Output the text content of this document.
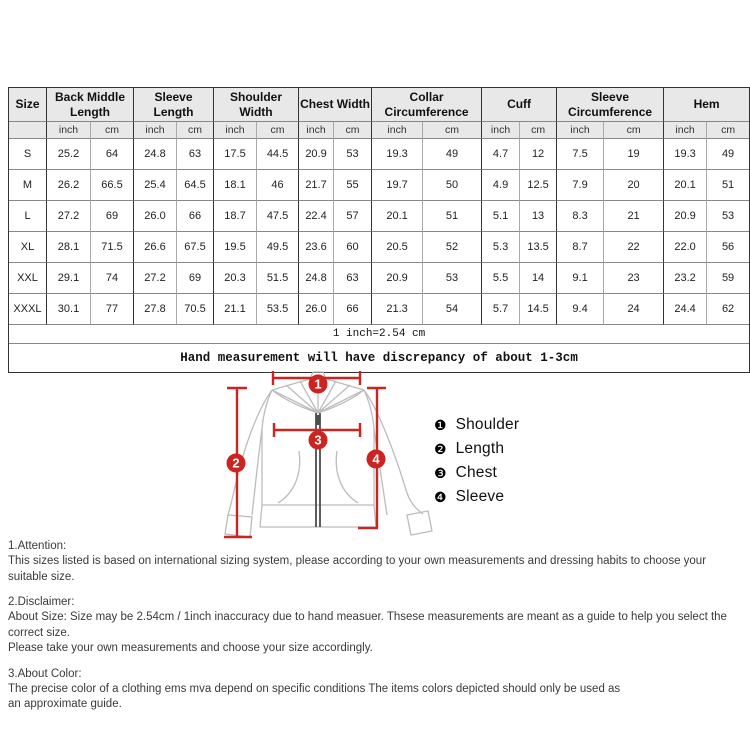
Size	Back Middle Length		Sleeve Length		Shoulder Width		Chest Width		Collar Circumference		Cuff		Sleeve Circumference		Hem	
	inch	cm	inch	cm	inch	cm	inch	cm	inch	cm	inch	cm	inch	cm	inch	cm
S	25.2	64	24.8	63	17.5	44.5	20.9	53	19.3	49	4.7	12	7.5	19	19.3	49
M	26.2	66.5	25.4	64.5	18.1	46	21.7	55	19.7	50	4.9	12.5	7.9	20	20.1	51
L	27.2	69	26.0	66	18.7	47.5	22.4	57	20.1	51	5.1	13	8.3	21	20.9	53
XL	28.1	71.5	26.6	67.5	19.5	49.5	23.6	60	20.5	52	5.3	13.5	8.7	22	22.0	56
XXL	29.1	74	27.2	69	20.3	51.5	24.8	63	20.9	53	5.5	14	9.1	23	23.2	59
XXXL	30.1	77	27.8	70.5	21.1	53.5	26.0	66	21.3	54	5.7	14.5	9.4	24	24.4	62
1 inch=2.54 cm																
Hand measurement will have discrepancy of about 1-3cm																
1
2
3
4
❶ Shoulder
❷ Length
❸ Chest
❹ Sleeve
1.Attention:
This sizes listed is based on international sizing system, please according to your own measurements and dressing habits to choose your suitable size.
2.Disclaimer:
About Size: Size may be 2.54cm / 1inch inaccuracy due to hand measuer. Thsese measurements are meant as a guide to help you select the correct size.
Please take your own measurements and choose your size accordingly.
3.About Color:
The precise color of a clothing ems mva depend on specific conditions The items colors depicted should only be used as
an approximate guide.
